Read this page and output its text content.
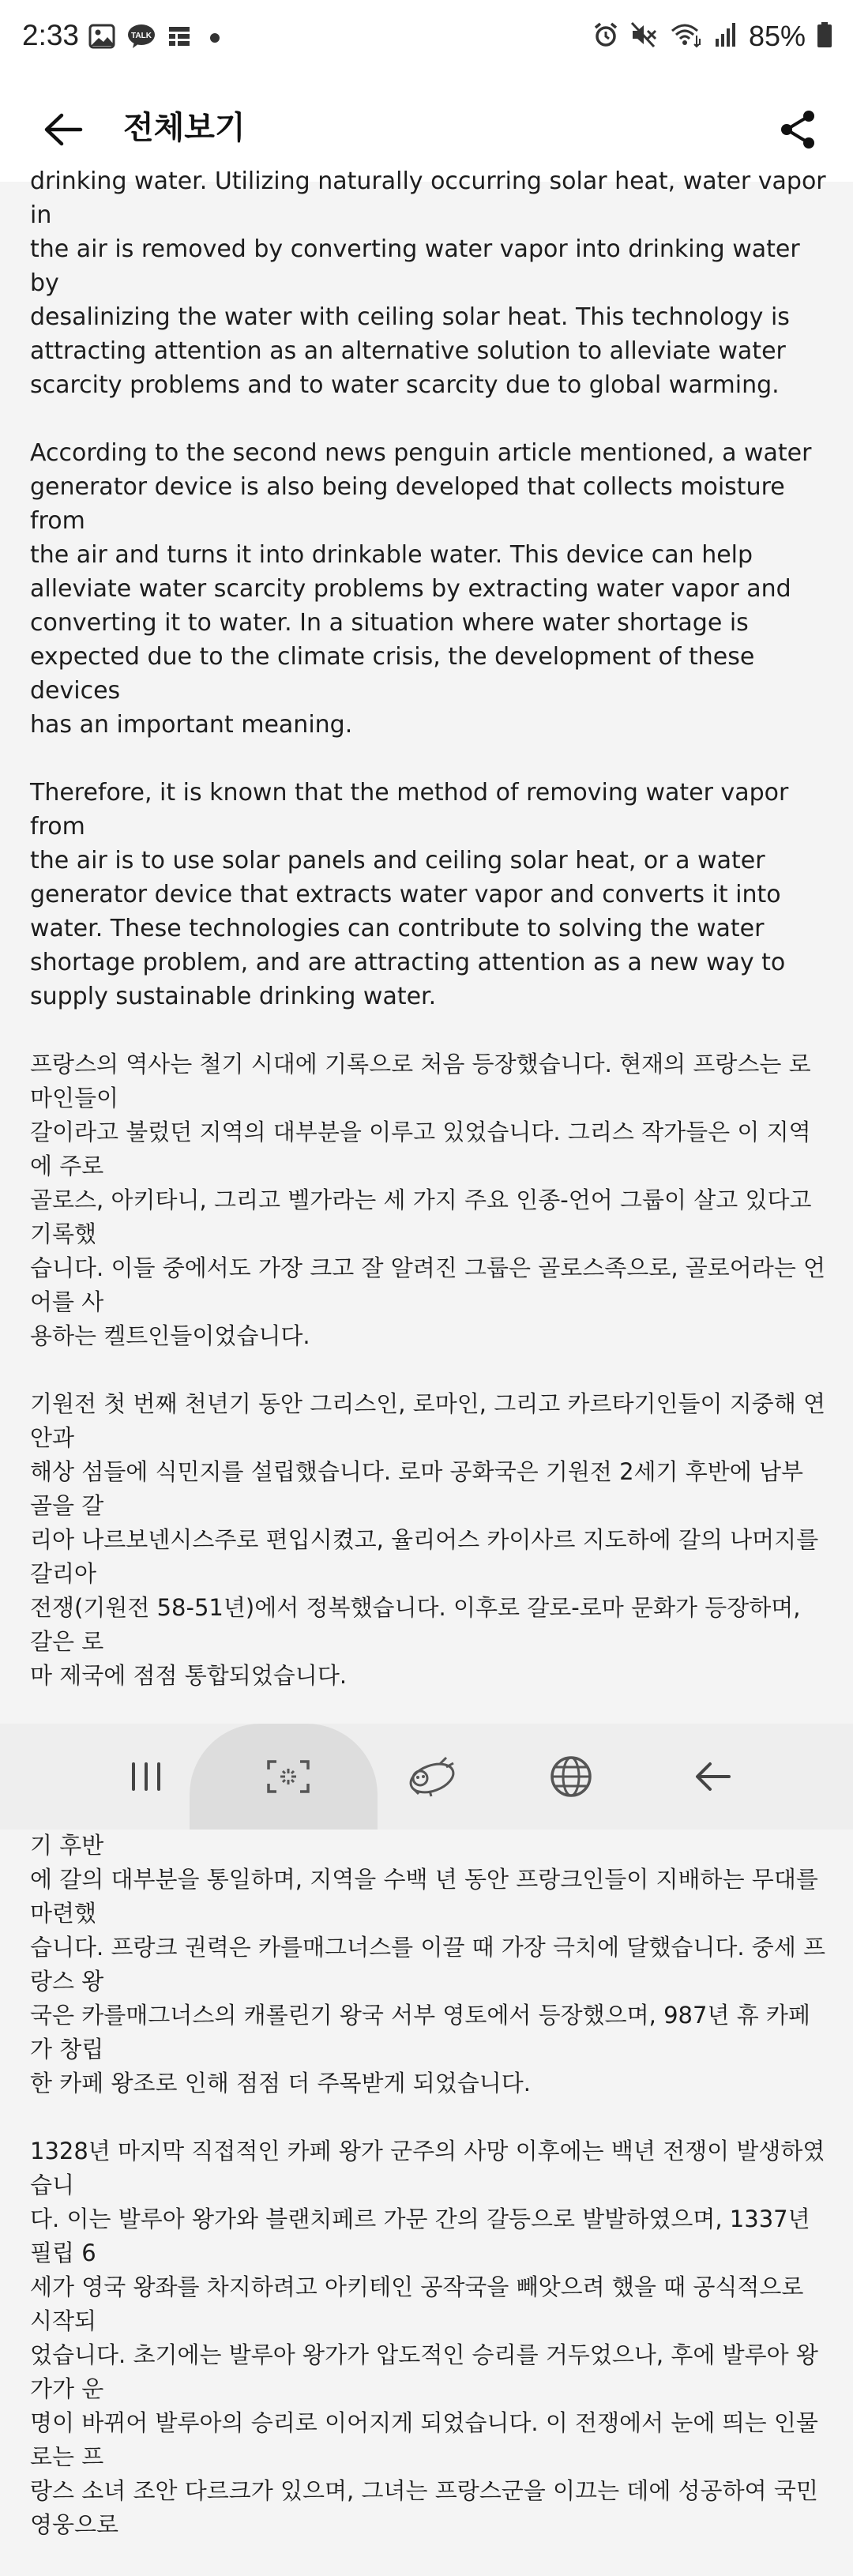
2:33	TALK	85%
전체보기

drinking water. Utilizing naturally occurring solar heat, water vapor in
the air is removed by converting water vapor into drinking water by
desalinizing the water with ceiling solar heat. This technology is
attracting attention as an alternative solution to alleviate water
scarcity problems and to water scarcity due to global warming.

According to the second news penguin article mentioned, a water
generator device is also being developed that collects moisture from
the air and turns it into drinkable water. This device can help
alleviate water scarcity problems by extracting water vapor and
converting it to water. In a situation where water shortage is
expected due to the climate crisis, the development of these devices
has an important meaning.

Therefore, it is known that the method of removing water vapor from
the air is to use solar panels and ceiling solar heat, or a water
generator device that extracts water vapor and converts it into
water. These technologies can contribute to solving the water
shortage problem, and are attracting attention as a new way to
supply sustainable drinking water.

프랑스의 역사는 철기 시대에 기록으로 처음 등장했습니다. 현재의 프랑스는 로마인들이
갈이라고 불렀던 지역의 대부분을 이루고 있었습니다. 그리스 작가들은 이 지역에 주로
골로스, 아키타니, 그리고 벨가라는 세 가지 주요 인종-언어 그룹이 살고 있다고 기록했
습니다. 이들 중에서도 가장 크고 잘 알려진 그룹은 골로스족으로, 골로어라는 언어를 사
용하는 켈트인들이었습니다.

기원전 첫 번째 천년기 동안 그리스인, 로마인, 그리고 카르타기인들이 지중해 연안과
해상 섬들에 식민지를 설립했습니다. 로마 공화국은 기원전 2세기 후반에 남부 골을 갈
리아 나르보넨시스주로 편입시켰고, 율리어스 카이사르 지도하에 갈의 나머지를 갈리아
전쟁(기원전 58-51년)에서 정복했습니다. 이후로 갈로-로마 문화가 등장하며, 갈은 로
마 제국에 점점 통합되었습니다.

기 후반
에 갈의 대부분을 통일하며, 지역을 수백 년 동안 프랑크인들이 지배하는 무대를 마련했
습니다. 프랑크 권력은 카를매그너스를 이끌 때 가장 극치에 달했습니다. 중세 프랑스 왕
국은 카를매그너스의 캐롤린기 왕국 서부 영토에서 등장했으며, 987년 휴 카페가 창립
한 카페 왕조로 인해 점점 더 주목받게 되었습니다.

1328년 마지막 직접적인 카페 왕가 군주의 사망 이후에는 백년 전쟁이 발생하였습니
다. 이는 발루아 왕가와 블랜치페르 가문 간의 갈등으로 발발하였으며, 1337년 필립 6
세가 영국 왕좌를 차지하려고 아키테인 공작국을 빼앗으려 했을 때 공식적으로 시작되
었습니다. 초기에는 발루아 왕가가 압도적인 승리를 거두었으나, 후에 발루아 왕가가 운
명이 바뀌어 발루아의 승리로 이어지게 되었습니다. 이 전쟁에서 눈에 띄는 인물로는 프
랑스 소녀 조안 다르크가 있으며, 그녀는 프랑스군을 이끄는 데에 성공하여 국민 영웅으로
